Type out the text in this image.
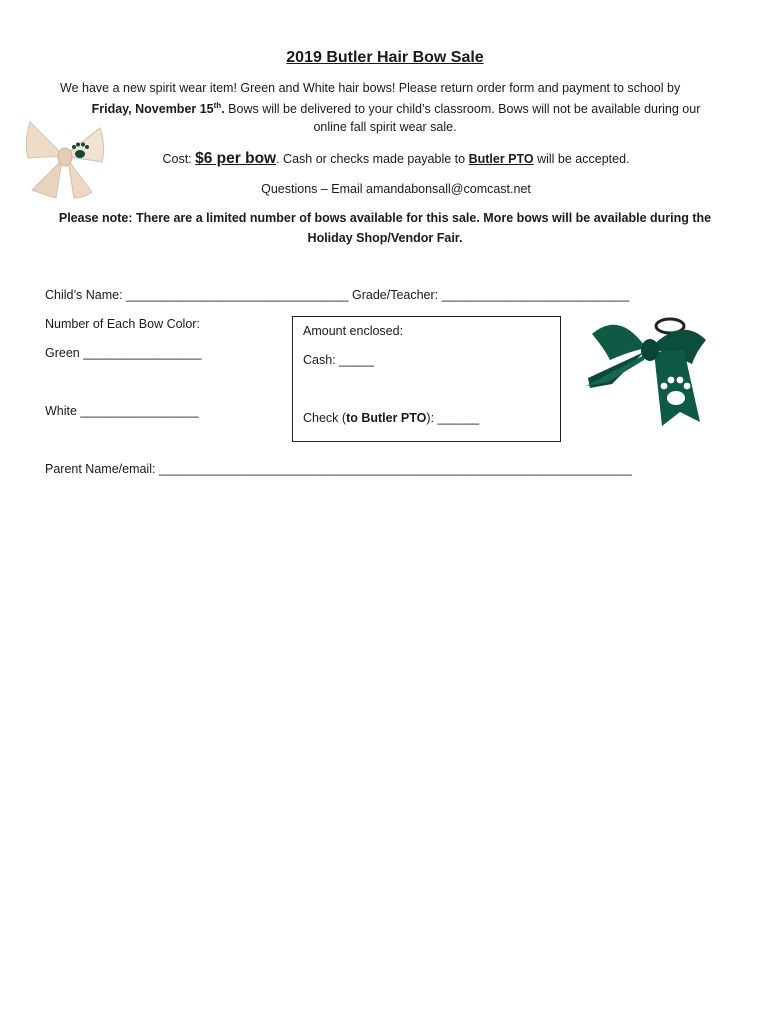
2019 Butler Hair Bow Sale
We have a new spirit wear item! Green and White hair bows! Please return order form and payment to school by
Friday, November 15th. Bows will be delivered to your child’s classroom. Bows will not be available during our
online fall spirit wear sale.
Cost: $6 per bow. Cash or checks made payable to Butler PTO will be accepted.
Questions – Email amandabonsall@comcast.net
Please note: There are a limited number of bows available for this sale. More bows will be available during the
Holiday Shop/Vendor Fair.
Child’s Name: ________________________________ Grade/Teacher: ___________________________
Number of Each Bow Color:
Green _________________
White _________________
Amount enclosed:
Cash: _____
Check (to Butler PTO): ______
Parent Name/email: ____________________________________________________________________
